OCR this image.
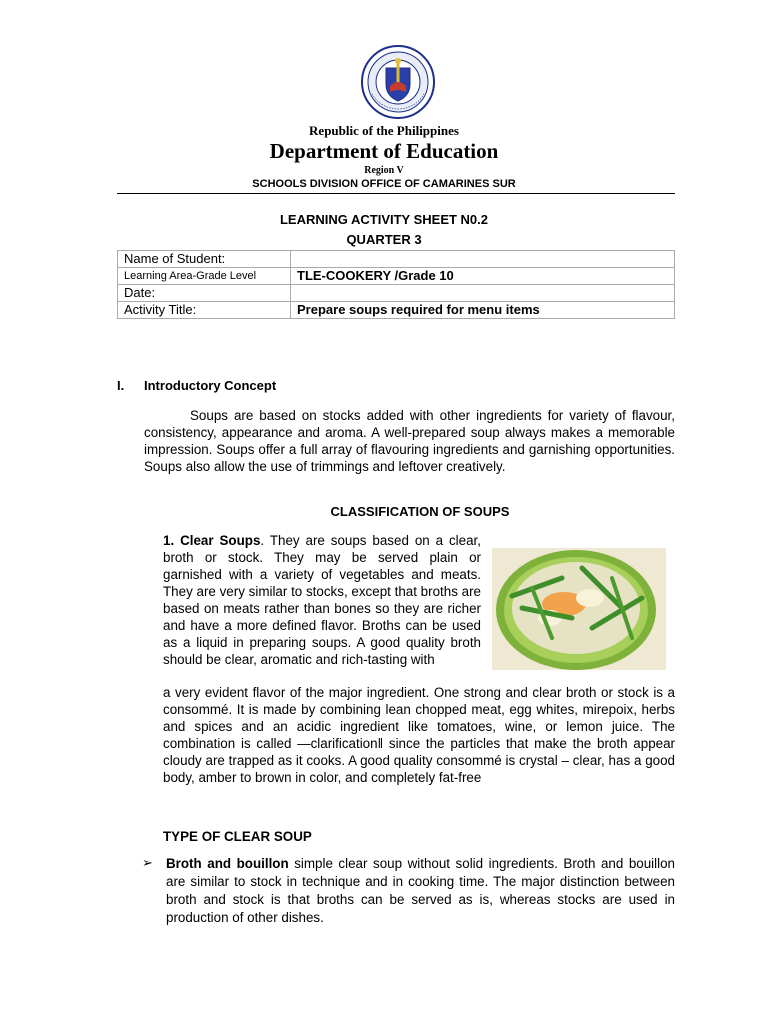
Republic of the Philippines
Department of Education
Region V
SCHOOLS DIVISION OFFICE OF CAMARINES SUR
LEARNING ACTIVITY SHEET N0.2
QUARTER 3
Name of Student:	
Learning Area-Grade Level	TLE-COOKERY /Grade 10
Date:	
Activity Title:	Prepare soups required for menu items
I. Introductory Concept
Soups are based on stocks added with other ingredients for variety of flavour, consistency, appearance and aroma. A well-prepared soup always makes a memorable impression. Soups offer a full array of flavouring ingredients and garnishing opportunities. Soups also allow the use of trimmings and leftover creatively.
CLASSIFICATION OF SOUPS
1. Clear Soups. They are soups based on a clear, broth or stock. They may be served plain or garnished with a variety of vegetables and meats. They are very similar to stocks, except that broths are based on meats rather than bones so they are richer and have a more defined flavor. Broths can be used as a liquid in preparing soups. A good quality broth should be clear, aromatic and rich-tasting with
a very evident flavor of the major ingredient. One strong and clear broth or stock is a consommé. It is made by combining lean chopped meat, egg whites, mirepoix, herbs and spices and an acidic ingredient like tomatoes, wine, or lemon juice. The combination is called ―clarification‖ since the particles that make the broth appear cloudy are trapped as it cooks. A good quality consommé is crystal – clear, has a good body, amber to brown in color, and completely fat-free
TYPE OF CLEAR SOUP
➢ Broth and bouillon simple clear soup without solid ingredients. Broth and bouillon are similar to stock in technique and in cooking time. The major distinction between broth and stock is that broths can be served as is, whereas stocks are used in production of other dishes.
